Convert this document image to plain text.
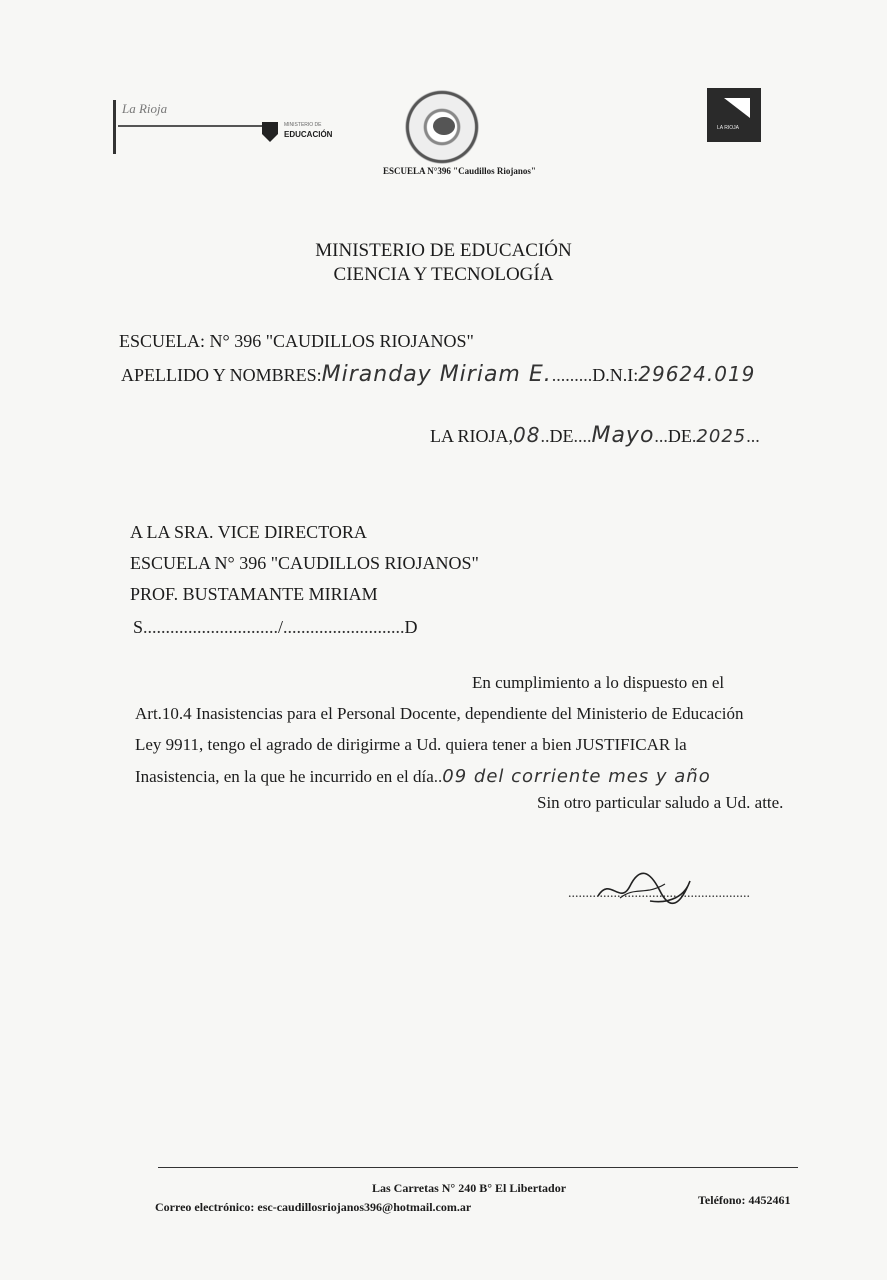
La Rioja
MINISTERIO DE
EDUCACIÓN
ESCUELA N°396 "Caudillos Riojanos"
LA RIOJA
MINISTERIO DE EDUCACIÓN
CIENCIA Y TECNOLOGÍA
ESCUELA: N° 396 "CAUDILLOS RIOJANOS"
APELLIDO Y NOMBRES:Miranday Miriam E..........D.N.I:29624.019
LA RIOJA,08..DE....Mayo...DE.2025...
A LA SRA. VICE DIRECTORA
ESCUELA N° 396 "CAUDILLOS RIOJANOS"
PROF. BUSTAMANTE MIRIAM
S............................../...........................D
En cumplimiento a lo dispuesto en el
Art.10.4 Inasistencias para el Personal Docente, dependiente del Ministerio de Educación
Ley 9911, tengo el agrado de dirigirme a Ud. quiera tener a bien JUSTIFICAR la
Inasistencia, en la que he incurrido en el día..09 del corriente mes y año
Sin otro particular saludo a Ud. atte.
....................................................
Las Carretas N° 240 B° El Libertador
Correo electrónico: esc-caudillosriojanos396@hotmail.com.ar	Teléfono: 4452461
